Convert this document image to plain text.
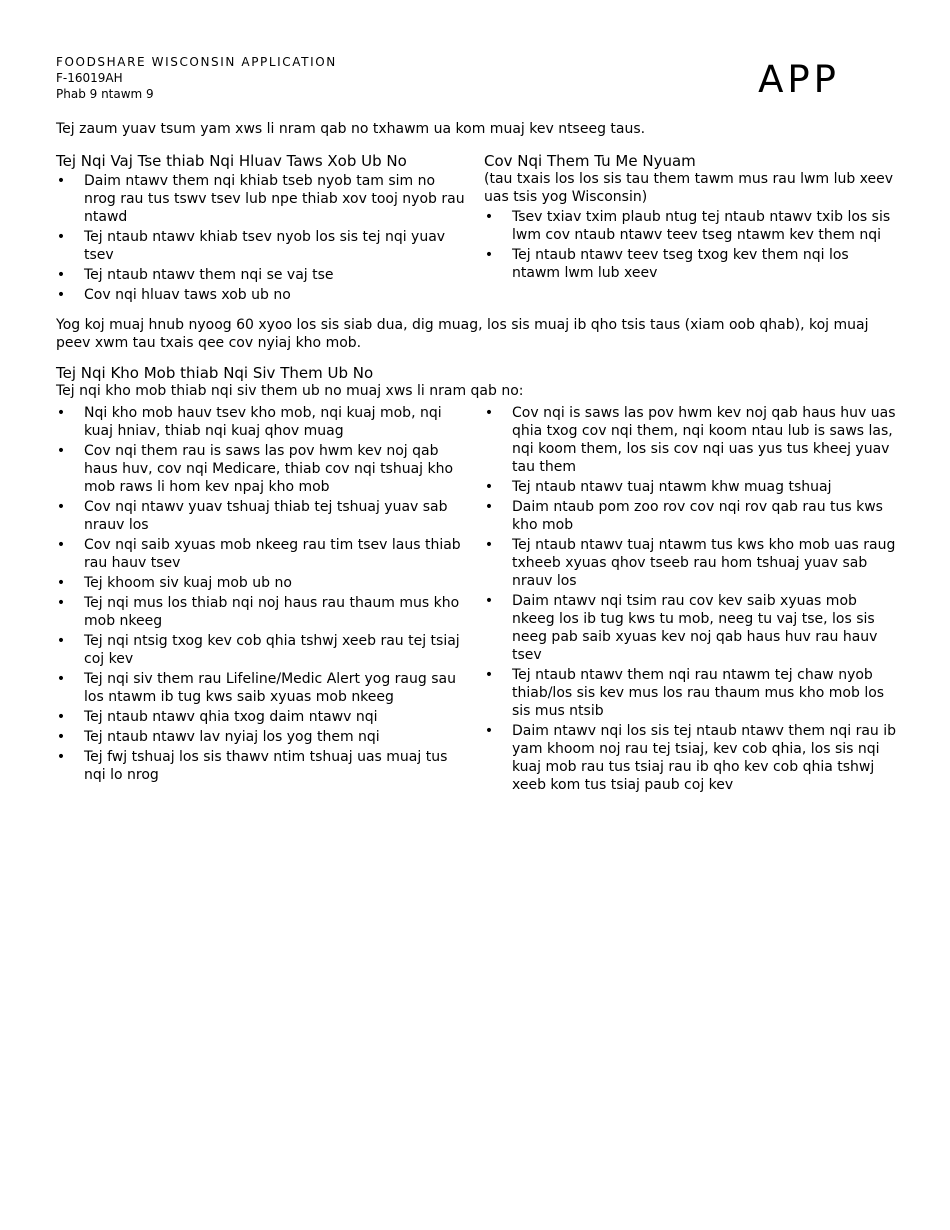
FOODSHARE WISCONSIN APPLICATION
F-16019AH
Phab 9 ntawm 9	APP
Tej zaum yuav tsum yam xws li nram qab no txhawm ua kom muaj kev ntseeg taus.
Tej Nqi Vaj Tse thiab Nqi Hluav Taws Xob Ub No
• Daim ntawv them nqi khiab tseb nyob tam sim no nrog rau tus tswv tsev lub npe thiab xov tooj nyob rau ntawd
• Tej ntaub ntawv khiab tsev nyob los sis tej nqi yuav tsev
• Tej ntaub ntawv them nqi se vaj tse
• Cov nqi hluav taws xob ub no
Cov Nqi Them Tu Me Nyuam
(tau txais los los sis tau them tawm mus rau lwm lub xeev uas tsis yog Wisconsin)
• Tsev txiav txim plaub ntug tej ntaub ntawv txib los sis lwm cov ntaub ntawv teev tseg ntawm kev them nqi
• Tej ntaub ntawv teev tseg txog kev them nqi los ntawm lwm lub xeev
Yog koj muaj hnub nyoog 60 xyoo los sis siab dua, dig muag, los sis muaj ib qho tsis taus (xiam oob qhab), koj muaj peev xwm tau txais qee cov nyiaj kho mob.
Tej Nqi Kho Mob thiab Nqi Siv Them Ub No
Tej nqi kho mob thiab nqi siv them ub no muaj xws li nram qab no:
• Nqi kho mob hauv tsev kho mob, nqi kuaj mob, nqi kuaj hniav, thiab nqi kuaj qhov muag
• Cov nqi them rau is saws las pov hwm kev noj qab haus huv, cov nqi Medicare, thiab cov nqi tshuaj kho mob raws li hom kev npaj kho mob
• Cov nqi ntawv yuav tshuaj thiab tej tshuaj yuav sab nrauv los
• Cov nqi saib xyuas mob nkeeg rau tim tsev laus thiab rau hauv tsev
• Tej khoom siv kuaj mob ub no
• Tej nqi mus los thiab nqi noj haus rau thaum mus kho mob nkeeg
• Tej nqi ntsig txog kev cob qhia tshwj xeeb rau tej tsiaj coj kev
• Tej nqi siv them rau Lifeline/Medic Alert yog raug sau los ntawm ib tug kws saib xyuas mob nkeeg
• Tej ntaub ntawv qhia txog daim ntawv nqi
• Tej ntaub ntawv lav nyiaj los yog them nqi
• Tej fwj tshuaj los sis thawv ntim tshuaj uas muaj tus nqi lo nrog
• Cov nqi is saws las pov hwm kev noj qab haus huv uas qhia txog cov nqi them, nqi koom ntau lub is saws las, nqi koom them, los sis cov nqi uas yus tus kheej yuav tau them
• Tej ntaub ntawv tuaj ntawm khw muag tshuaj
• Daim ntaub pom zoo rov cov nqi rov qab rau tus kws kho mob
• Tej ntaub ntawv tuaj ntawm tus kws kho mob uas raug txheeb xyuas qhov tseeb rau hom tshuaj yuav sab nrauv los
• Daim ntawv nqi tsim rau cov kev saib xyuas mob nkeeg los ib tug kws tu mob, neeg tu vaj tse, los sis neeg pab saib xyuas kev noj qab haus huv rau hauv tsev
• Tej ntaub ntawv them nqi rau ntawm tej chaw nyob thiab/los sis kev mus los rau thaum mus kho mob los sis mus ntsib
• Daim ntawv nqi los sis tej ntaub ntawv them nqi rau ib yam khoom noj rau tej tsiaj, kev cob qhia, los sis nqi kuaj mob rau tus tsiaj rau ib qho kev cob qhia tshwj xeeb kom tus tsiaj paub coj kev
